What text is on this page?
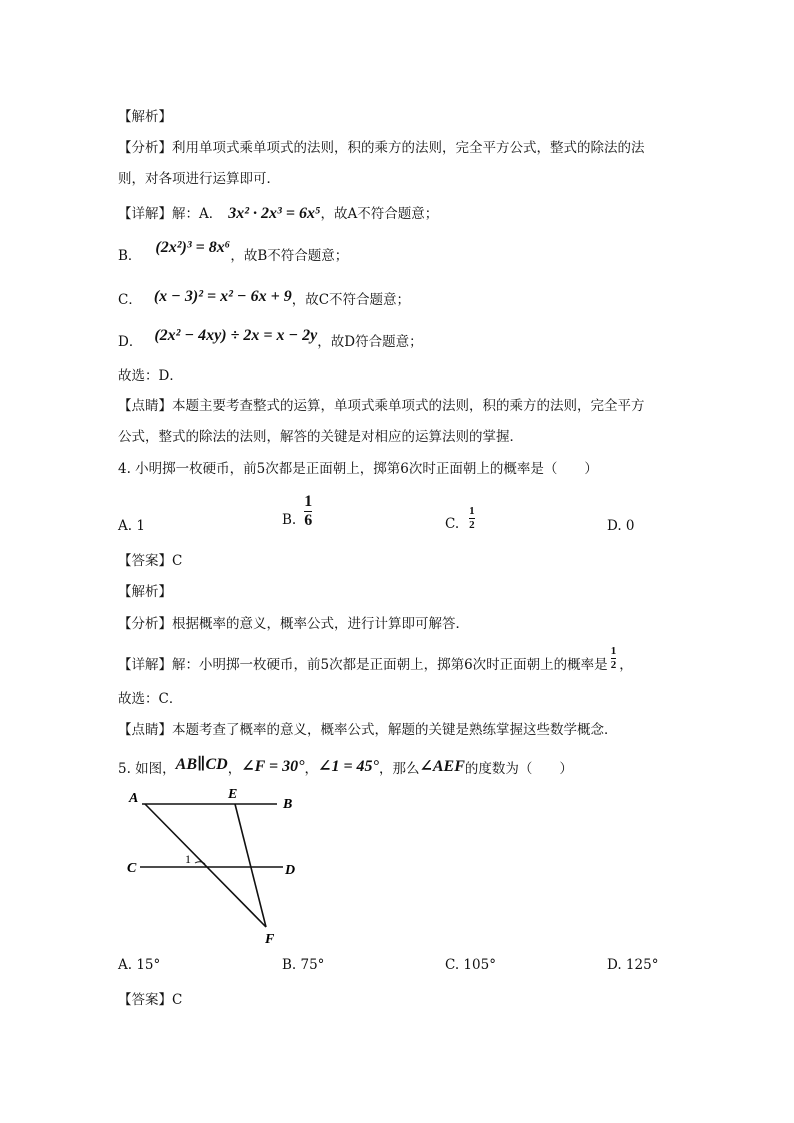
【解析】
【分析】利用单项式乘单项式的法则，积的乘方的法则，完全平方公式，整式的除法的法
则，对各项进行运算即可．
【详解】解：A． 3x² · 2x³ = 6x⁵，故A不符合题意；
B． (2x²)³ = 8x⁶，故B不符合题意；
C． (x − 3)² = x² − 6x + 9，故C不符合题意；
D． (2x² − 4xy) ÷ 2x = x − 2y，故D符合题意；
故选：D．
【点睛】本题主要考查整式的运算，单项式乘单项式的法则，积的乘方的法则，完全平方
公式，整式的除法的法则，解答的关键是对相应的运算法则的掌握．
4. 小明掷一枚硬币，前5次都是正面朝上，掷第6次时正面朝上的概率是（　　）
A. 1	B. $\frac{1}{6}$	C. $\frac{1}{2}$	D. 0
【答案】C
【解析】
【分析】根据概率的意义，概率公式，进行计算即可解答．
【详解】解：小明掷一枚硬币，前5次都是正面朝上，掷第6次时正面朝上的概率是 $\frac{1}{2}$ ，
故选：C．
【点睛】本题考查了概率的意义，概率公式，解题的关键是熟练掌握这些数学概念．
5. 如图，AB∥CD，∠F = 30°，∠1 = 45°，那么∠AEF的度数为（　　）
A	E
B
C	D
F
1
A. 15°	B. 75°	C. 105°	D. 125°
【答案】C
